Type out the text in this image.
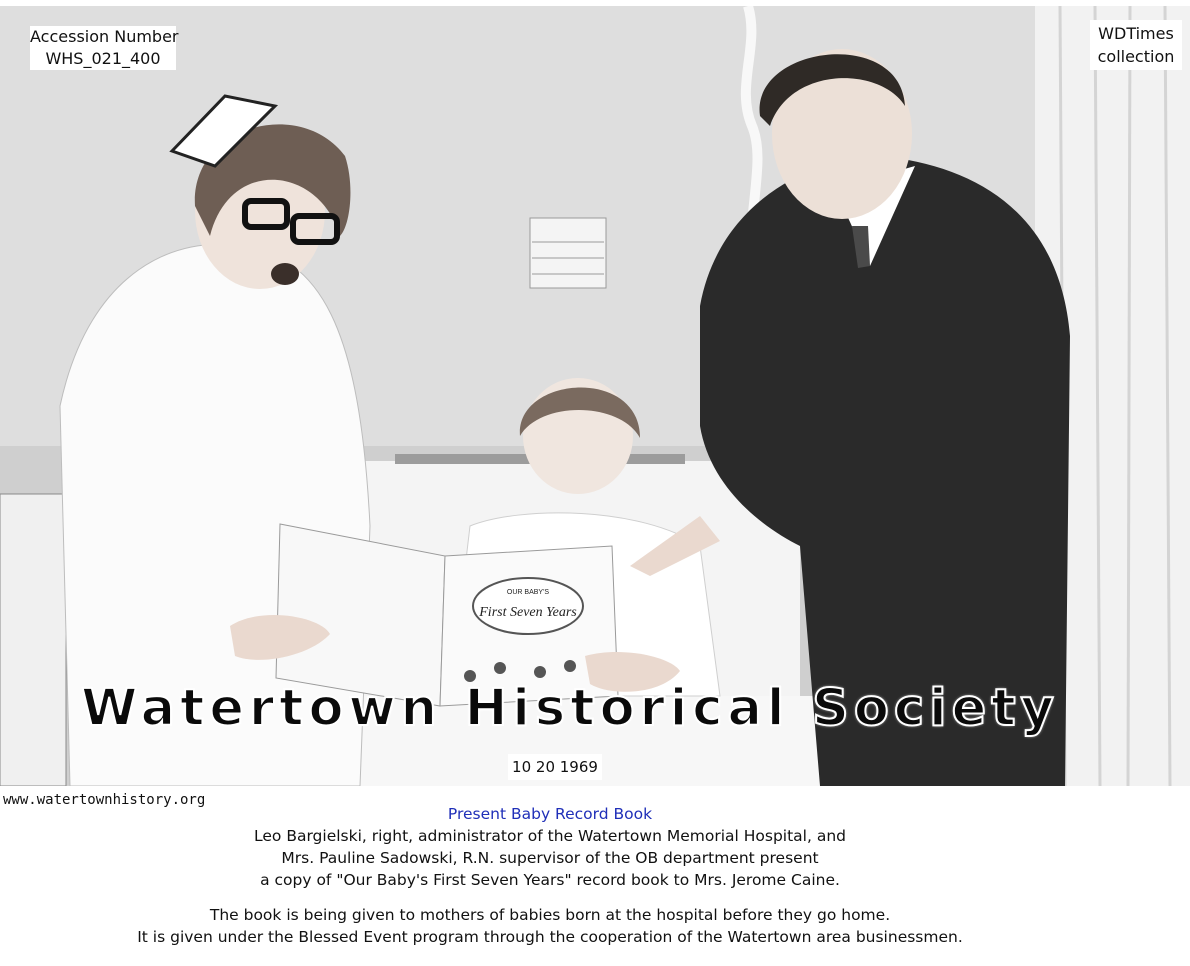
OUR BABY'S
First Seven Years
Accession Number
WHS_021_400
WDTimes
collection
Watertown Historical Society
10 20 1969
www.watertownhistory.org
Present Baby Record Book
Leo Bargielski, right, administrator of the Watertown Memorial Hospital, and
Mrs. Pauline Sadowski, R.N. supervisor of the OB department present
a copy of "Our Baby's First Seven Years" record book to Mrs. Jerome Caine.
The book is being given to mothers of babies born at the hospital before they go home.
It is given under the Blessed Event program through the cooperation of the Watertown area businessmen.
